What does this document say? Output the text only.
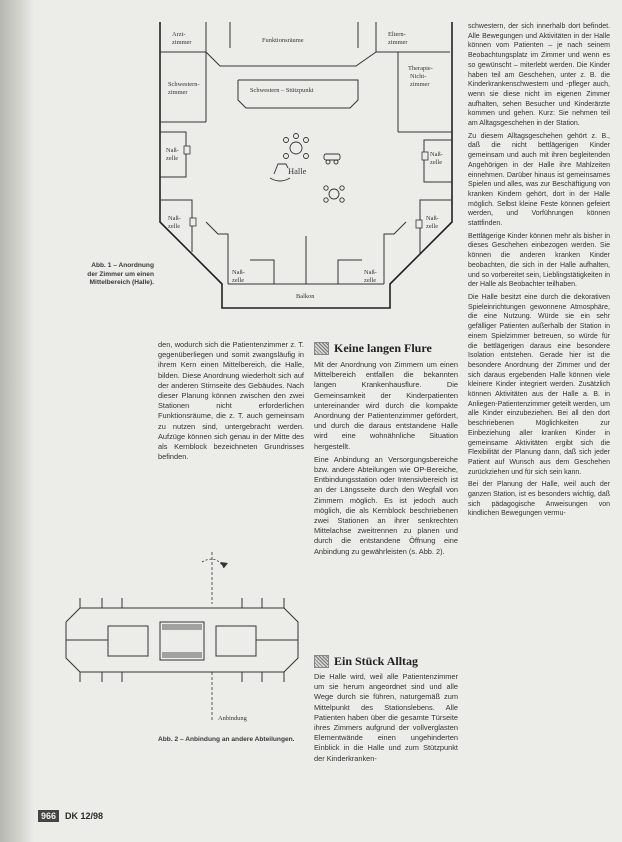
Arzt-
zimmer	Funktionsräume
Eltern-
zimmer
Schwestern-
zimmer	Schwestern – Stützpunkt
Therapie-
Nicht-
zimmer
Naß-
zelle
Naß-
zelle
Halle
Naß-
zelle
Naß-
zelle
Naß-
zelle
Naß-
zelle
Balkon
Abb. 1 – Anordnung der Zimmer um einen Mittelbereich (Halle).
den, wodurch sich die Patientenzimmer z. T. gegenüberliegen und somit zwangsläufig in ihrem Kern einen Mittelbereich, die Halle, bilden. Diese Anordnung wiederholt sich auf der anderen Stirnseite des Gebäudes. Nach dieser Planung können zwischen den zwei Stationen nicht erforderlichen Funktionsräume, die z. T. auch gemeinsam zu nutzen sind, untergebracht werden. Aufzüge können sich genau in der Mitte des als Kernblock bezeichneten Grundrisses befinden.
Anbindung
Abb. 2 – Anbindung an andere Abteilungen.
Keine langen Flure

Mit der Anordnung von Zimmern um einen Mittelbereich entfallen die bekannten langen Krankenhausflure. Die Gemeinsamkeit der Kinderpatienten untereinander wird durch die kompakte Anordnung der Patientenzimmer gefördert, und durch die daraus entstandene Halle wird eine wohnähnliche Situation hergestellt.

Eine Anbindung an Versorgungsbereiche bzw. andere Abteilungen wie OP-Bereiche, Entbindungsstation oder Intensivbereich ist an der Längsseite durch den Wegfall von Zimmern möglich. Es ist jedoch auch möglich, die als Kernblock beschriebenen zwei Stationen an ihrer senkrechten Mittelachse zweitrennen zu planen und durch die entstandene Öffnung eine Anbindung zu gewährleisten (s. Abb. 2).

Ein Stück Alltag
Die Halle wird, weil alle Patientenzimmer um sie herum angeordnet sind und alle Wege durch sie führen, naturgemäß zum Mittelpunkt des Stationslebens. Alle Patienten haben über die gesamte Türseite ihres Zimmers aufgrund der vollverglasten Elementwände einen ungehinderten Einblick in die Halle und zum Stützpunkt der Kinderkranken-

schwestern, der sich innerhalb dort befindet. Alle Bewegungen und Aktivitäten in der Halle können vom Patienten – je nach seinem Beobachtungsplatz im Zimmer und wenn es so gewünscht – miterlebt werden. Die Kinder haben teil am Geschehen, unter z. B. die Kinderkrankenschwestern und -pfleger auch, wenn sie diese nicht im eigenen Zimmer aufhalten, sehen Besucher und Kinderärzte kommen und gehen. Kurz: Sie nehmen teil am Alltagsgeschehen in der Station.

Zu diesem Alltagsgeschehen gehört z. B., daß die nicht bettlägerigen Kinder gemeinsam und auch mit ihren begleitenden Angehörigen in der Halle ihre Mahlzeiten einnehmen. Darüber hinaus ist gemeinsames Spielen und alles, was zur Beschäftigung von kranken Kindern gehört, dort in der Halle möglich. Selbst kleine Feste können gefeiert werden, und Vorführungen können stattfinden.

Bettlägerige Kinder können mehr als bisher in dieses Geschehen einbezogen werden. Sie können die anderen kranken Kinder beobachten, die sich in der Halle aufhalten, und so vorbereitet sein, Lieblingstätigkeiten in der Halle als Beobachter teilhaben.

Die Halle besitzt eine durch die dekorativen Spieleinrichtungen gewonnene Atmosphäre, die eine Nutzung. Würde sie ein sehr gefälliger Patienten außerhalb der Station in einem Spielzimmer betreuen, so würde für die bettlägerigen daraus eine besondere Isolation entstehen. Gerade hier ist die besondere Anordnung der Zimmer und der sich daraus ergebenden Halle können viele kleinere Kinder integriert werden. Zusätzlich können Aktivitäten aus der Halle a. B. in Anliegen-Patientenzimmer geteilt werden, um alle Kinder einzubeziehen. Bei all den dort beschriebenen Möglichkeiten zur Einbeziehung aller kranken Kinder in gemeinsame Aktivitäten ergibt sich die Flexibilität der Planung dann, daß sich jeder Patient auf Wunsch aus dem Geschehen zurückziehen und für sich sein kann.

Bei der Planung der Halle, weil auch der ganzen Station, ist es besonders wichtig, daß sich pädagogische Anweisungen von kindlichen Bewegungen vermu-

966	DK 12/98
